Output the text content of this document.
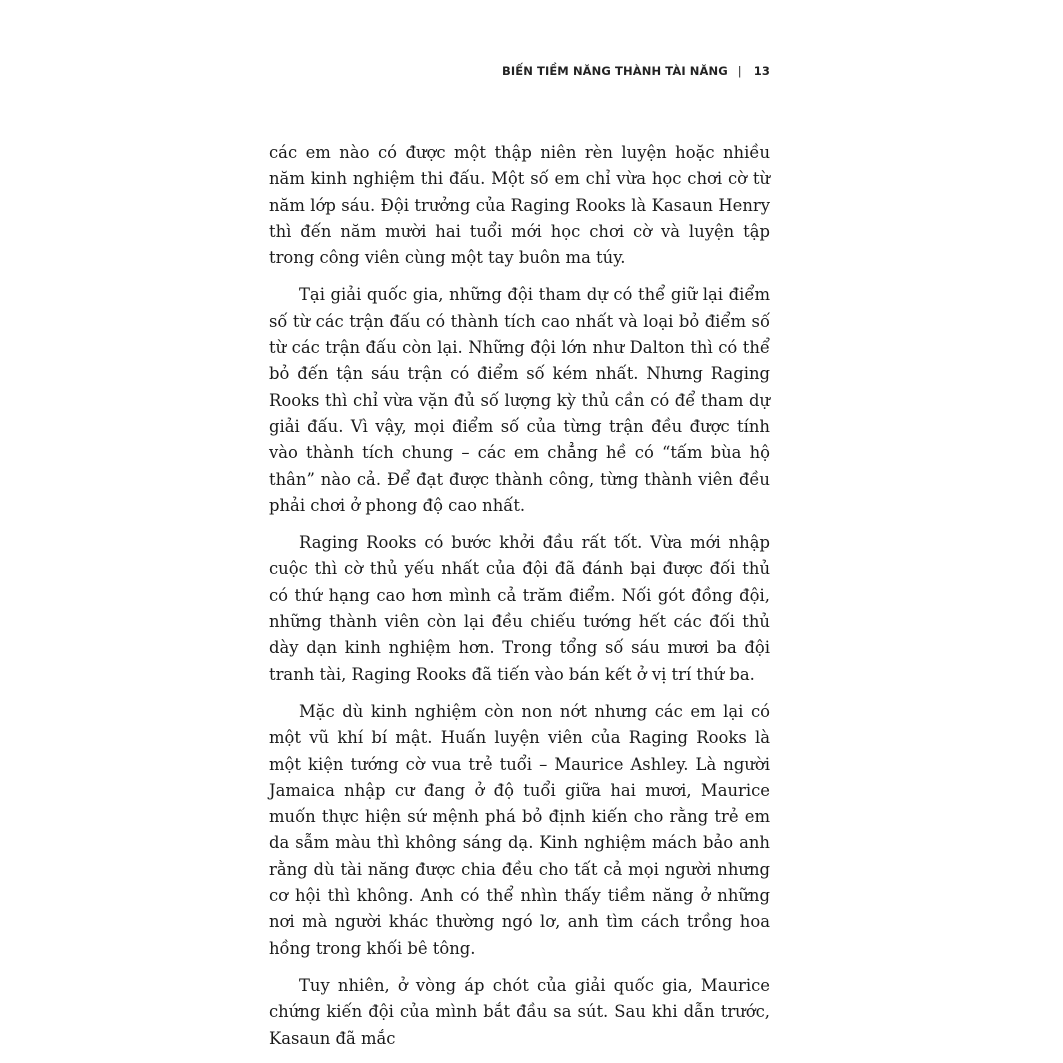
BIẾN TIỀM NĂNG THÀNH TÀI NĂNG | 13

các em nào có được một thập niên rèn luyện hoặc nhiều năm kinh nghiệm thi đấu. Một số em chỉ vừa học chơi cờ từ năm lớp sáu. Đội trưởng của Raging Rooks là Kasaun Henry thì đến năm mười hai tuổi mới học chơi cờ và luyện tập trong công viên cùng một tay buôn ma túy.

Tại giải quốc gia, những đội tham dự có thể giữ lại điểm số từ các trận đấu có thành tích cao nhất và loại bỏ điểm số từ các trận đấu còn lại. Những đội lớn như Dalton thì có thể bỏ đến tận sáu trận có điểm số kém nhất. Nhưng Raging Rooks thì chỉ vừa vặn đủ số lượng kỳ thủ cần có để tham dự giải đấu. Vì vậy, mọi điểm số của từng trận đều được tính vào thành tích chung – các em chẳng hề có “tấm bùa hộ thân” nào cả. Để đạt được thành công, từng thành viên đều phải chơi ở phong độ cao nhất.

Raging Rooks có bước khởi đầu rất tốt. Vừa mới nhập cuộc thì cờ thủ yếu nhất của đội đã đánh bại được đối thủ có thứ hạng cao hơn mình cả trăm điểm. Nối gót đồng đội, những thành viên còn lại đều chiếu tướng hết các đối thủ dày dạn kinh nghiệm hơn. Trong tổng số sáu mươi ba đội tranh tài, Raging Rooks đã tiến vào bán kết ở vị trí thứ ba.

Mặc dù kinh nghiệm còn non nớt nhưng các em lại có một vũ khí bí mật. Huấn luyện viên của Raging Rooks là một kiện tướng cờ vua trẻ tuổi – Maurice Ashley. Là người Jamaica nhập cư đang ở độ tuổi giữa hai mươi, Maurice muốn thực hiện sứ mệnh phá bỏ định kiến cho rằng trẻ em da sẫm màu thì không sáng dạ. Kinh nghiệm mách bảo anh rằng dù tài năng được chia đều cho tất cả mọi người nhưng cơ hội thì không. Anh có thể nhìn thấy tiềm năng ở những nơi mà người khác thường ngó lơ, anh tìm cách trồng hoa hồng trong khối bê tông.

Tuy nhiên, ở vòng áp chót của giải quốc gia, Maurice chứng kiến đội của mình bắt đầu sa sút. Sau khi dẫn trước, Kasaun đã mắc
